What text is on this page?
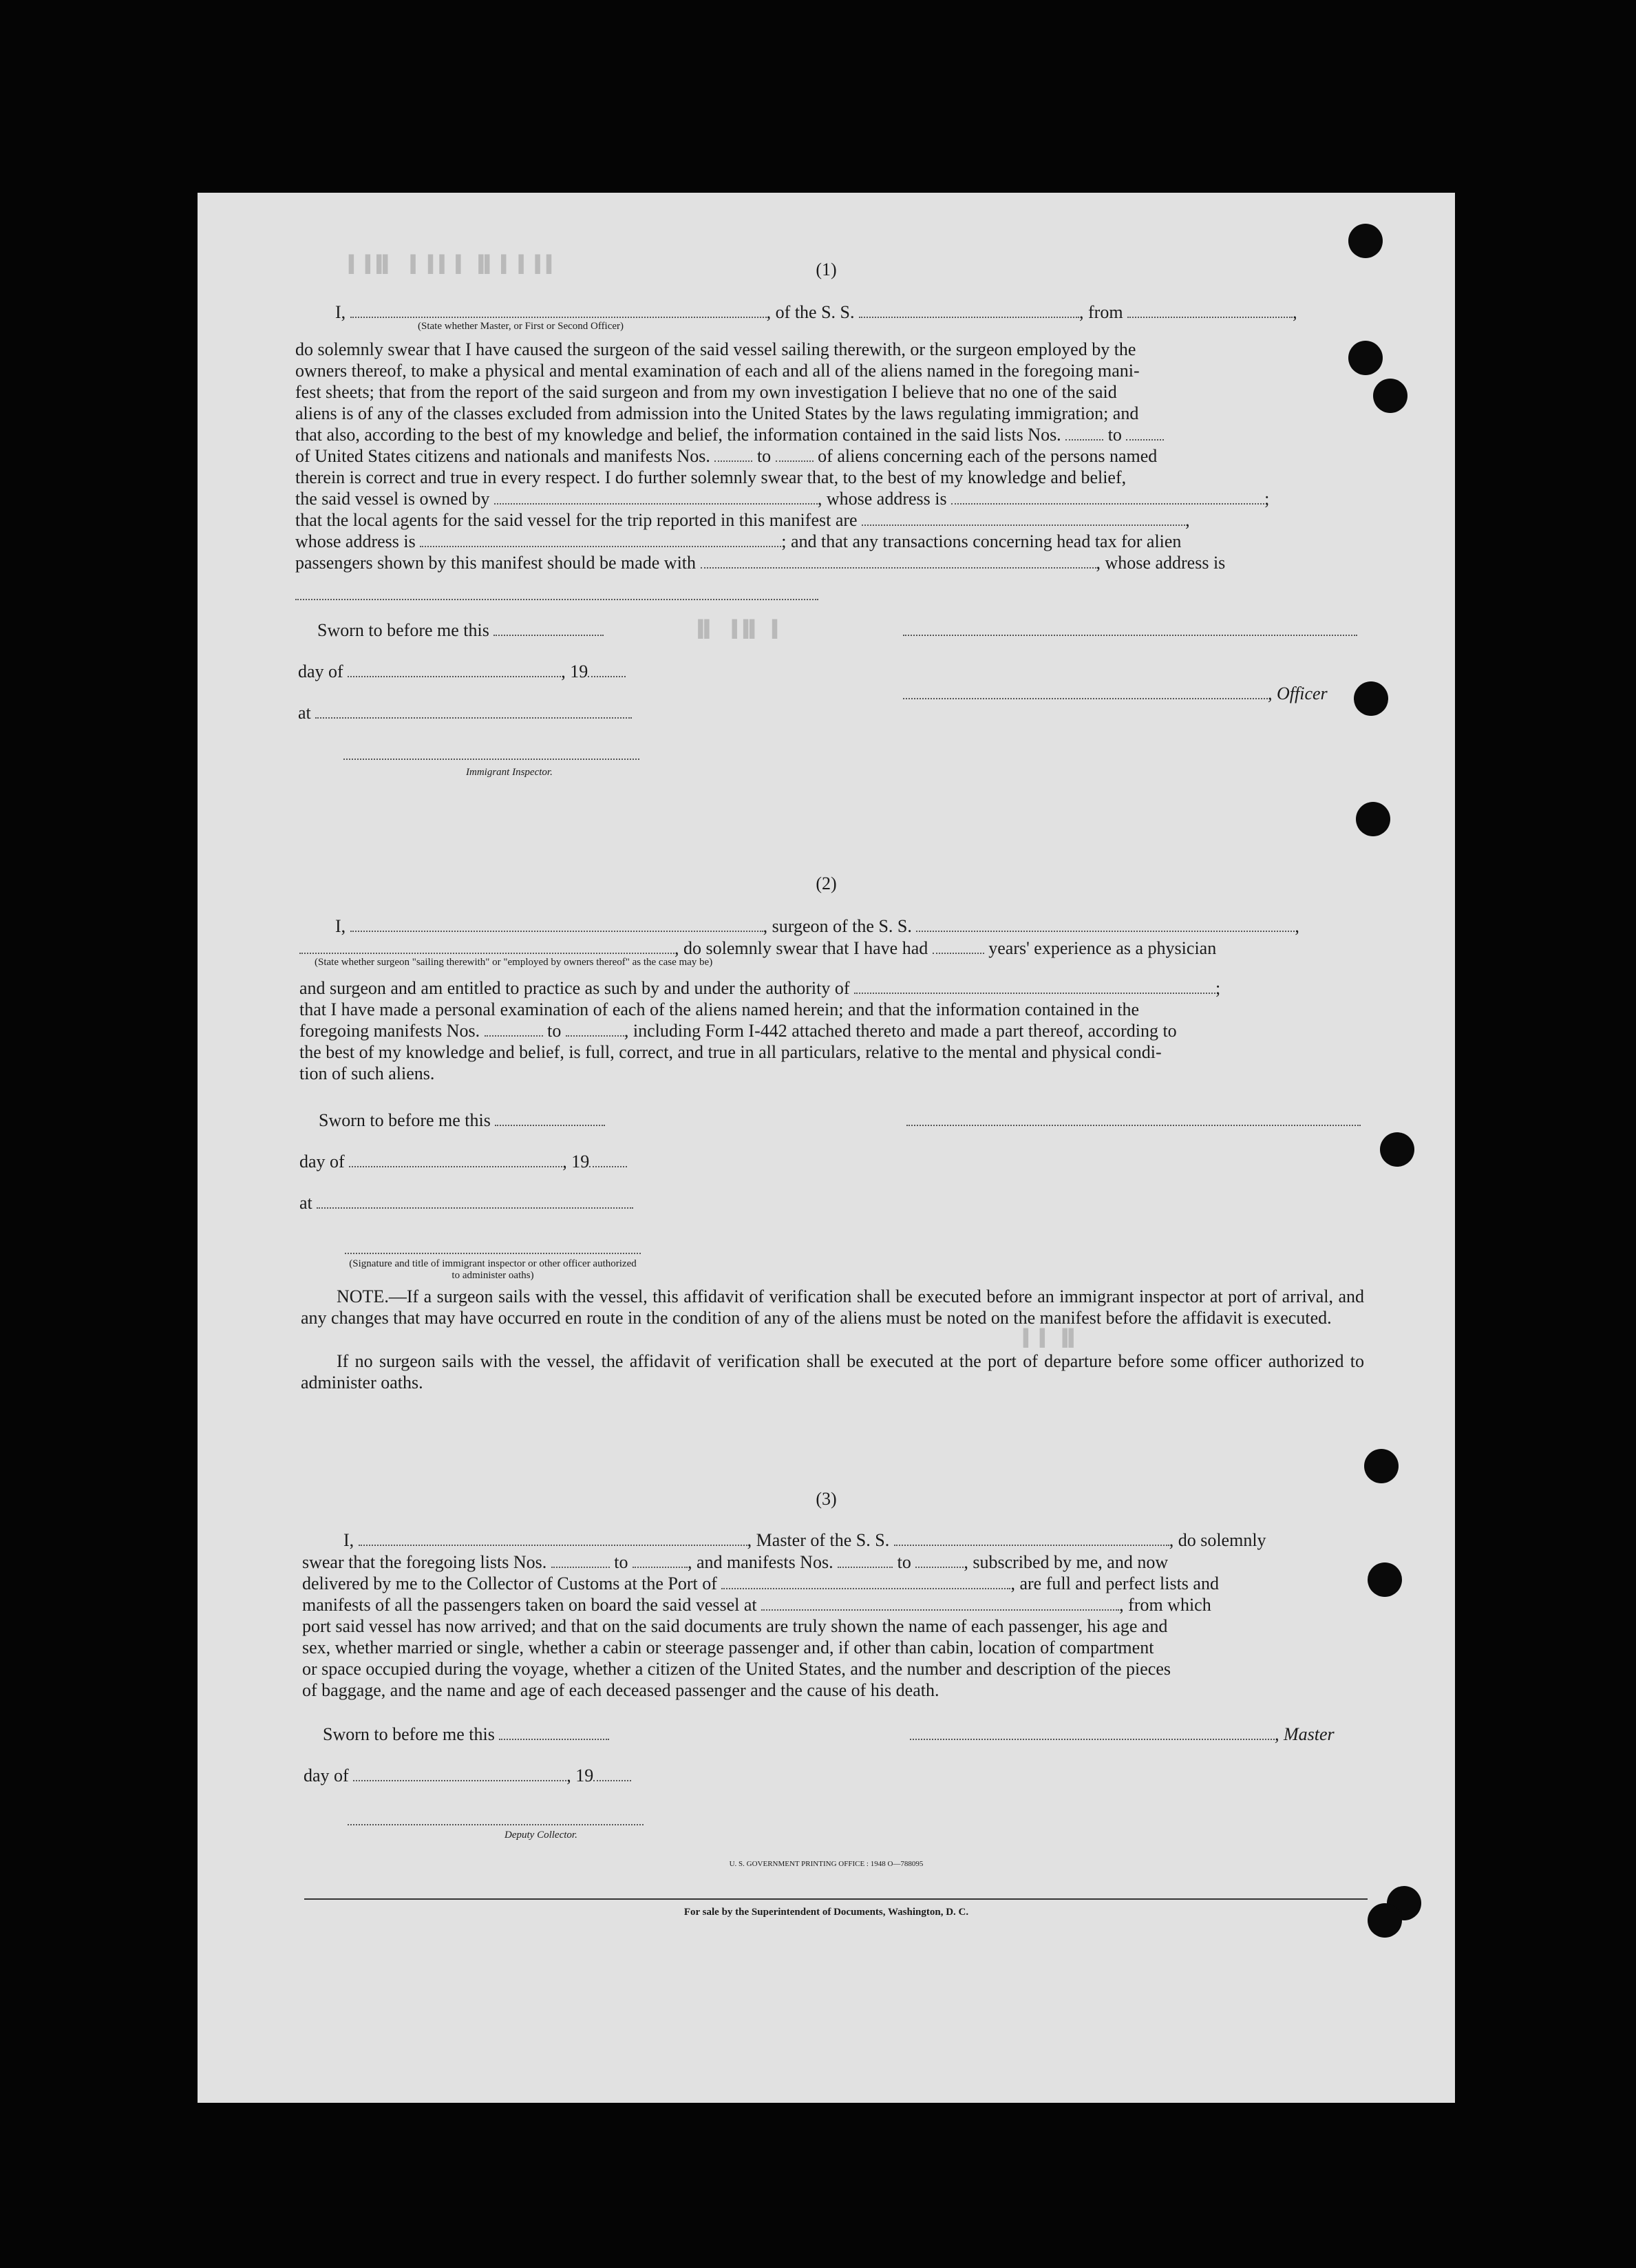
▌▐▐▌ ▐ ▌▌▐ ▐▌▐ ▌▐▐
▐▌ ▐▐▌ ▌
▌▐ ▐▌
(1)
I,	, of the S. S.	, from	,
(State whether Master, or First or Second Officer)
do solemnly swear that I have caused the surgeon of the said vessel sailing therewith, or the surgeon employed by the
owners thereof, to make a physical and mental examination of each and all of the aliens named in the foregoing mani-
fest sheets; that from the report of the said surgeon and from my own investigation I believe that no one of the said
aliens is of any of the classes excluded from admission into the United States by the laws regulating immigration; and
that also, according to the best of my knowledge and belief, the information contained in the said lists Nos.	to
of United States citizens and nationals and manifests Nos.	to	of aliens concerning each of the persons named
therein is correct and true in every respect. I do further solemnly swear that, to the best of my knowledge and belief,
the said vessel is owned by	, whose address is	;
that the local agents for the said vessel for the trip reported in this manifest are	,
whose address is	; and that any transactions concerning head tax for alien
passengers shown by this manifest should be made with	, whose address is
Sworn to before me this
day of	, 19
, Officer
at
Immigrant Inspector.
(2)
I,	, surgeon of the S. S.	,
, do solemnly swear that I have had	years' experience as a physician
(State whether surgeon "sailing therewith" or "employed by owners thereof" as the case may be)
and surgeon and am entitled to practice as such by and under the authority of	;
that I have made a personal examination of each of the aliens named herein; and that the information contained in the
foregoing manifests Nos.	to	, including Form I-442 attached thereto and made a part thereof, according to
the best of my knowledge and belief, is full, correct, and true in all particulars, relative to the mental and physical condi-
tion of such aliens.
Sworn to before me this
day of	, 19
at
(Signature and title of immigrant inspector or other officer authorized to administer oaths)
NOTE.—If a surgeon sails with the vessel, this affidavit of verification shall be executed before an immigrant inspector at port of arrival, and any changes that may have occurred en route in the condition of any of the aliens must be noted on the manifest before the affidavit is executed.
If no surgeon sails with the vessel, the affidavit of verification shall be executed at the port of departure before some officer authorized to administer oaths.
(3)
I,	, Master of the S. S.	, do solemnly
swear that the foregoing lists Nos.	to	, and manifests Nos.	to	, subscribed by me, and now
delivered by me to the Collector of Customs at the Port of	, are full and perfect lists and
manifests of all the passengers taken on board the said vessel at	, from which
port said vessel has now arrived; and that on the said documents are truly shown the name of each passenger, his age and
sex, whether married or single, whether a cabin or steerage passenger and, if other than cabin, location of compartment
or space occupied during the voyage, whether a citizen of the United States, and the number and description of the pieces
of baggage, and the name and age of each deceased passenger and the cause of his death.
Sworn to before me this	, Master
day of	, 19
Deputy Collector.
U. S. GOVERNMENT PRINTING OFFICE : 1948 O—788095
For sale by the Superintendent of Documents, Washington, D. C.
